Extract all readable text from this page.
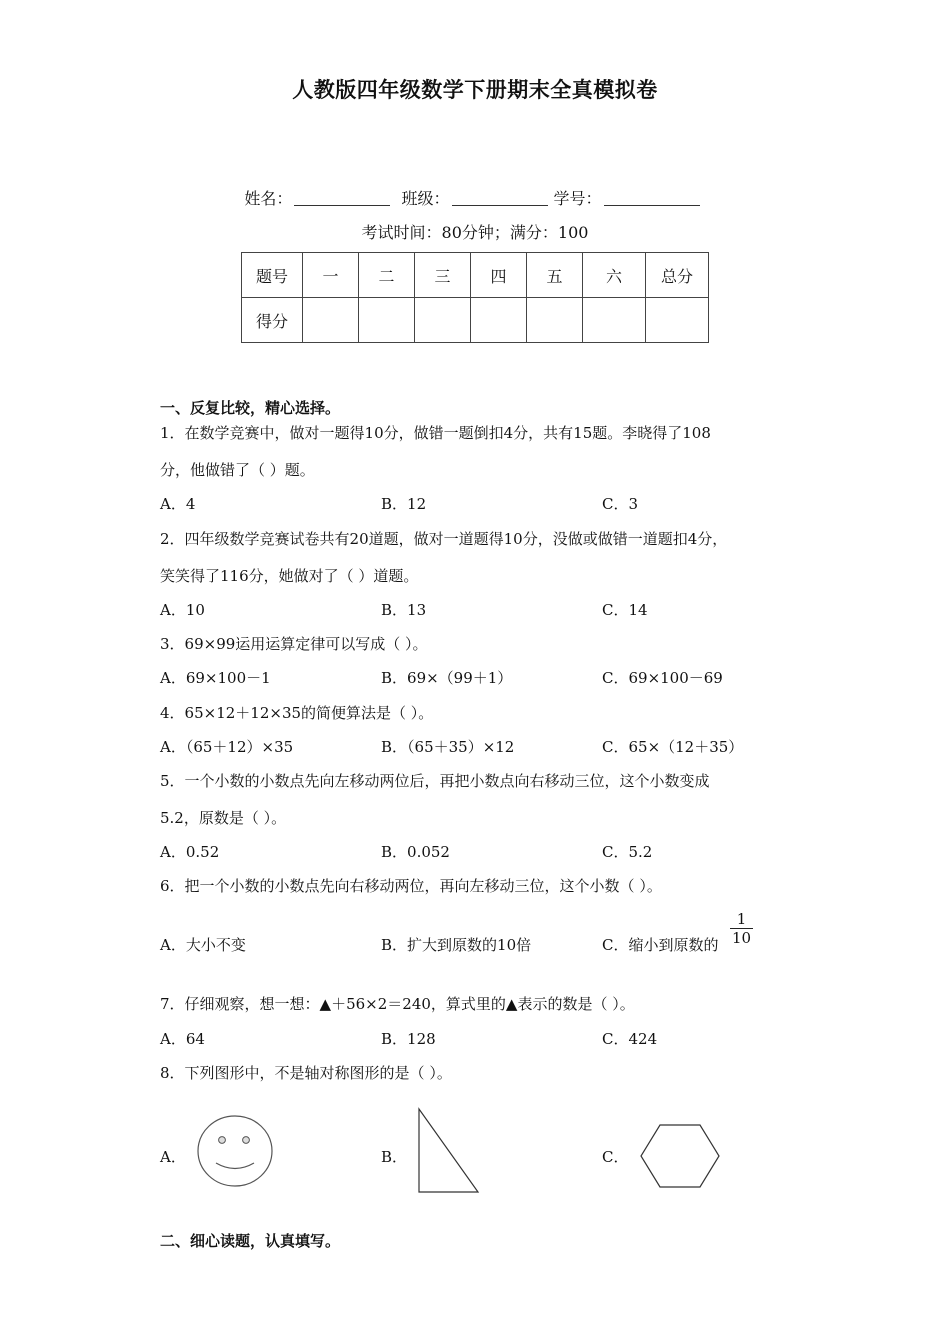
人教版四年级数学下册期末全真模拟卷
姓名：	班级：	学号：
考试时间：80分钟；满分：100
题号	一	二	三	四	五	六	总分
得分							
一、反复比较，精心选择。
1．在数学竞赛中，做对一题得10分，做错一题倒扣4分，共有15题。李晓得了108
分，他做错了（ ）题。
A．4	B．12	C．3
2．四年级数学竞赛试卷共有20道题，做对一道题得10分，没做或做错一道题扣4分，
笑笑得了116分，她做对了（ ）道题。
A．10	B．13	C．14
3．69×99运用运算定律可以写成（ ）。
A．69×100－1	B．69×（99＋1）	C．69×100－69
4．65×12＋12×35的简便算法是（ ）。
A．（65＋12）×35	B．（65＋35）×12	C．65×（12＋35）
5．一个小数的小数点先向左移动两位后，再把小数点向右移动三位，这个小数变成
5.2，原数是（ ）。
A．0.52	B．0.052	C．5.2
6．把一个小数的小数点先向右移动两位，再向左移动三位，这个小数（ ）。
A．大小不变	B．扩大到原数的10倍	C．缩小到原数的 $\frac{1}{10}$
7．仔细观察，想一想：▲＋56×2＝240，算式里的▲表示的数是（ ）。
A．64	B．128	C．424
8．下列图形中，不是轴对称图形的是（ ）。
A．	B．	C．
二、细心读题，认真填写。
